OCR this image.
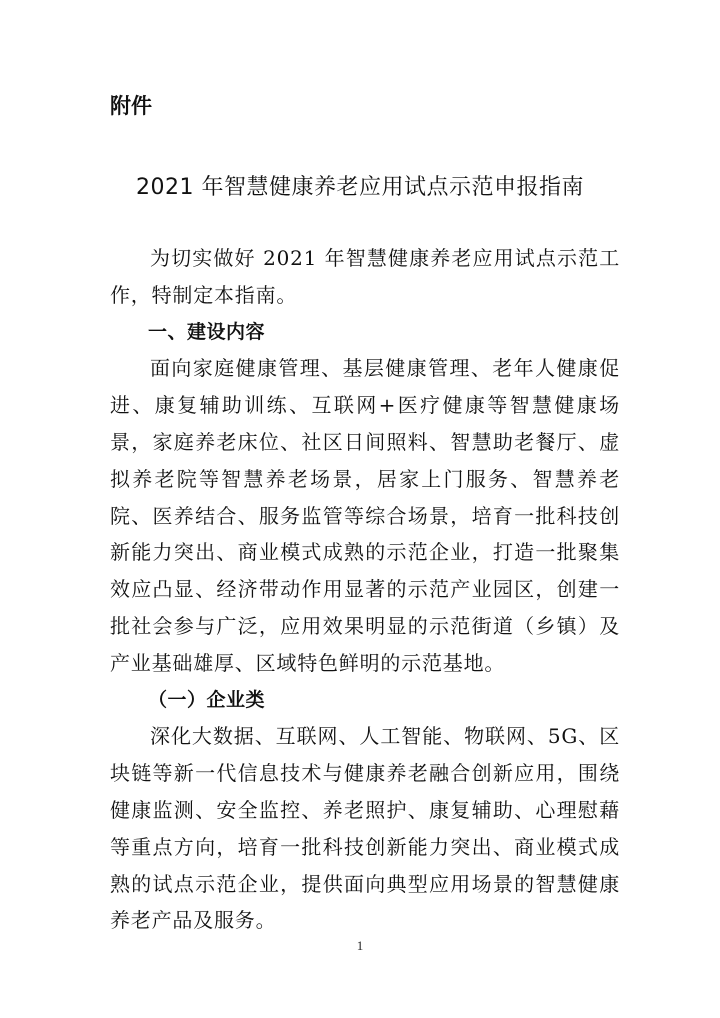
附件
2021 年智慧健康养老应用试点示范申报指南

为切实做好 2021 年智慧健康养老应用试点示范工作，特制定本指南。

一、建设内容

面向家庭健康管理、基层健康管理、老年人健康促进、康复辅助训练、互联网+医疗健康等智慧健康场景，家庭养老床位、社区日间照料、智慧助老餐厅、虚拟养老院等智慧养老场景，居家上门服务、智慧养老院、医养结合、服务监管等综合场景，培育一批科技创新能力突出、商业模式成熟的示范企业，打造一批聚集效应凸显、经济带动作用显著的示范产业园区，创建一批社会参与广泛，应用效果明显的示范街道（乡镇）及产业基础雄厚、区域特色鲜明的示范基地。

（一）企业类

深化大数据、互联网、人工智能、物联网、5G、区块链等新一代信息技术与健康养老融合创新应用，围绕健康监测、安全监控、养老照护、康复辅助、心理慰藉等重点方向，培育一批科技创新能力突出、商业模式成熟的试点示范企业，提供面向典型应用场景的智慧健康养老产品及服务。

1
